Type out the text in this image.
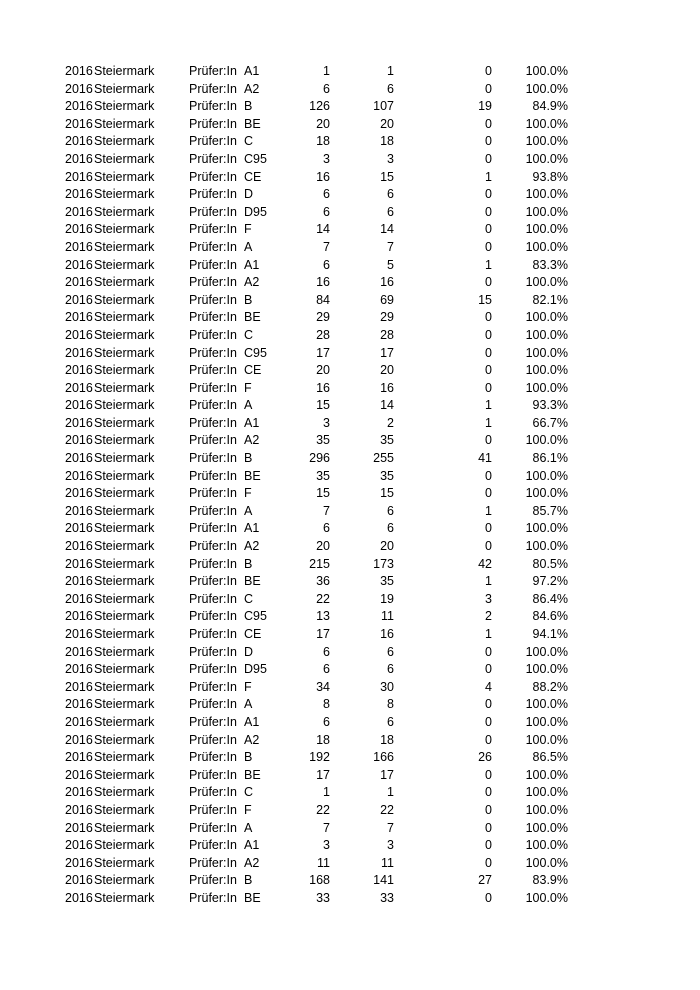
2016 Steiermark	Prüfer:In A1	1	1	0	100.0%
2016 Steiermark	Prüfer:In A2	6	6	0	100.0%
2016 Steiermark	Prüfer:In B	126	107	19	84.9%
2016 Steiermark	Prüfer:In BE	20	20	0	100.0%
2016 Steiermark	Prüfer:In C	18	18	0	100.0%
2016 Steiermark	Prüfer:In C95	3	3	0	100.0%
2016 Steiermark	Prüfer:In CE	16	15	1	93.8%
2016 Steiermark	Prüfer:In D	6	6	0	100.0%
2016 Steiermark	Prüfer:In D95	6	6	0	100.0%
2016 Steiermark	Prüfer:In F	14	14	0	100.0%
2016 Steiermark	Prüfer:In A	7	7	0	100.0%
2016 Steiermark	Prüfer:In A1	6	5	1	83.3%
2016 Steiermark	Prüfer:In A2	16	16	0	100.0%
2016 Steiermark	Prüfer:In B	84	69	15	82.1%
2016 Steiermark	Prüfer:In BE	29	29	0	100.0%
2016 Steiermark	Prüfer:In C	28	28	0	100.0%
2016 Steiermark	Prüfer:In C95	17	17	0	100.0%
2016 Steiermark	Prüfer:In CE	20	20	0	100.0%
2016 Steiermark	Prüfer:In F	16	16	0	100.0%
2016 Steiermark	Prüfer:In A	15	14	1	93.3%
2016 Steiermark	Prüfer:In A1	3	2	1	66.7%
2016 Steiermark	Prüfer:In A2	35	35	0	100.0%
2016 Steiermark	Prüfer:In B	296	255	41	86.1%
2016 Steiermark	Prüfer:In BE	35	35	0	100.0%
2016 Steiermark	Prüfer:In F	15	15	0	100.0%
2016 Steiermark	Prüfer:In A	7	6	1	85.7%
2016 Steiermark	Prüfer:In A1	6	6	0	100.0%
2016 Steiermark	Prüfer:In A2	20	20	0	100.0%
2016 Steiermark	Prüfer:In B	215	173	42	80.5%
2016 Steiermark	Prüfer:In BE	36	35	1	97.2%
2016 Steiermark	Prüfer:In C	22	19	3	86.4%
2016 Steiermark	Prüfer:In C95	13	11	2	84.6%
2016 Steiermark	Prüfer:In CE	17	16	1	94.1%
2016 Steiermark	Prüfer:In D	6	6	0	100.0%
2016 Steiermark	Prüfer:In D95	6	6	0	100.0%
2016 Steiermark	Prüfer:In F	34	30	4	88.2%
2016 Steiermark	Prüfer:In A	8	8	0	100.0%
2016 Steiermark	Prüfer:In A1	6	6	0	100.0%
2016 Steiermark	Prüfer:In A2	18	18	0	100.0%
2016 Steiermark	Prüfer:In B	192	166	26	86.5%
2016 Steiermark	Prüfer:In BE	17	17	0	100.0%
2016 Steiermark	Prüfer:In C	1	1	0	100.0%
2016 Steiermark	Prüfer:In F	22	22	0	100.0%
2016 Steiermark	Prüfer:In A	7	7	0	100.0%
2016 Steiermark	Prüfer:In A1	3	3	0	100.0%
2016 Steiermark	Prüfer:In A2	11	11	0	100.0%
2016 Steiermark	Prüfer:In B	168	141	27	83.9%
2016 Steiermark	Prüfer:In BE	33	33	0	100.0%
